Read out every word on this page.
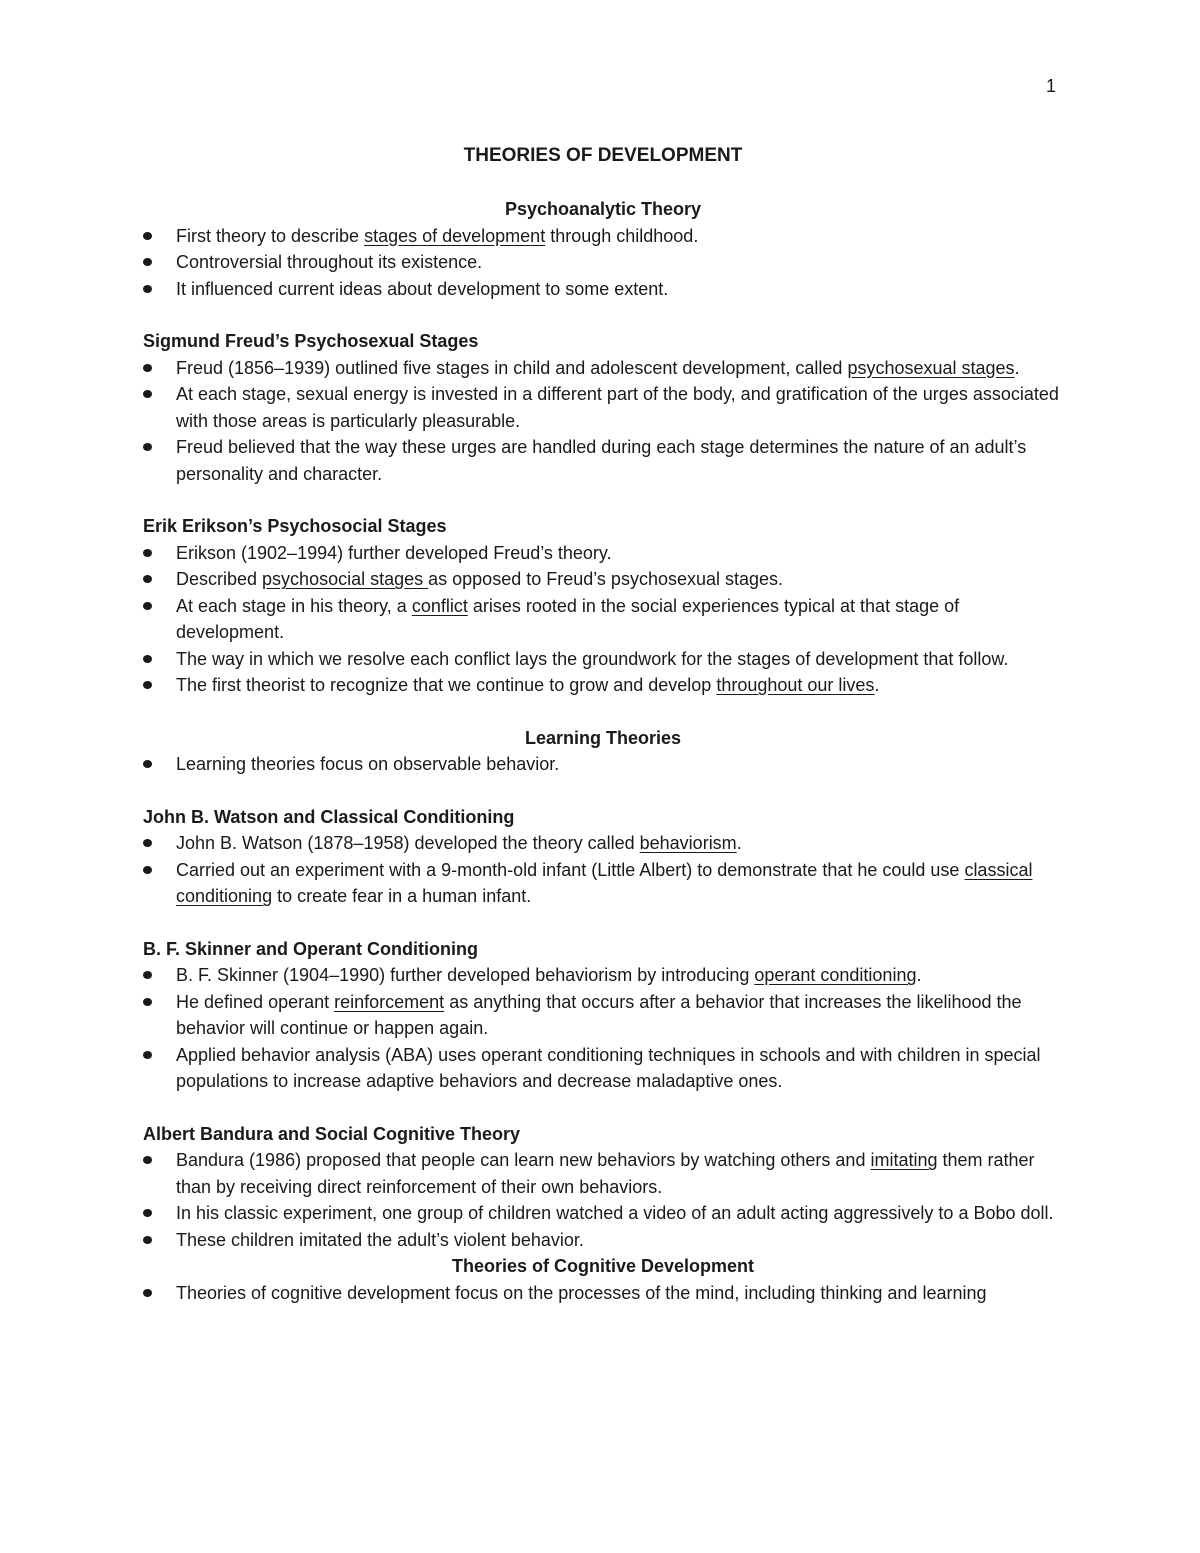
1
THEORIES OF DEVELOPMENT
Psychoanalytic Theory
First theory to describe stages of development through childhood.
Controversial throughout its existence.
It influenced current ideas about development to some extent.
Sigmund Freud’s Psychosexual Stages
Freud (1856–1939) outlined five stages in child and adolescent development, called psychosexual stages.
At each stage, sexual energy is invested in a different part of the body, and gratification of the urges associated with those areas is particularly pleasurable.
Freud believed that the way these urges are handled during each stage determines the nature of an adult’s personality and character.
Erik Erikson’s Psychosocial Stages
Erikson (1902–1994) further developed Freud’s theory.
Described psychosocial stages as opposed to Freud’s psychosexual stages.
At each stage in his theory, a conflict arises rooted in the social experiences typical at that stage of development.
The way in which we resolve each conflict lays the groundwork for the stages of development that follow.
The first theorist to recognize that we continue to grow and develop throughout our lives.
Learning Theories
Learning theories focus on observable behavior.
John B. Watson and Classical Conditioning
John B. Watson (1878–1958) developed the theory called behaviorism.
Carried out an experiment with a 9-month-old infant (Little Albert) to demonstrate that he could use classical conditioning to create fear in a human infant.
B. F. Skinner and Operant Conditioning
B. F. Skinner (1904–1990) further developed behaviorism by introducing operant conditioning.
He defined operant reinforcement as anything that occurs after a behavior that increases the likelihood the behavior will continue or happen again.
Applied behavior analysis (ABA) uses operant conditioning techniques in schools and with children in special populations to increase adaptive behaviors and decrease maladaptive ones.
Albert Bandura and Social Cognitive Theory
Bandura (1986) proposed that people can learn new behaviors by watching others and imitating them rather than by receiving direct reinforcement of their own behaviors.
In his classic experiment, one group of children watched a video of an adult acting aggressively to a Bobo doll.
These children imitated the adult’s violent behavior.
Theories of Cognitive Development
Theories of cognitive development focus on the processes of the mind, including thinking and learning
